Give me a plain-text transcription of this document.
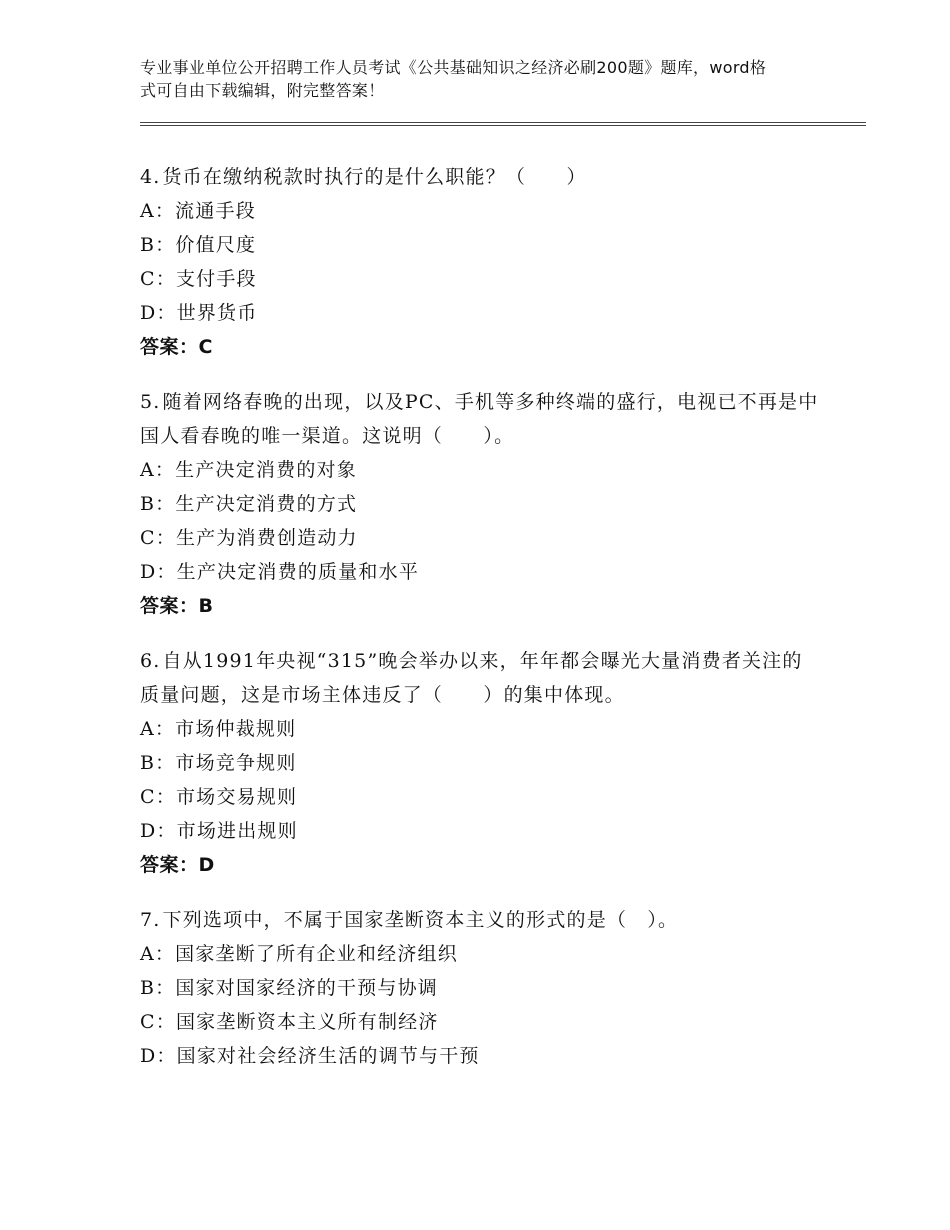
专业事业单位公开招聘工作人员考试《公共基础知识之经济必刷200题》题库，word格式可自由下载编辑，附完整答案！
4. 货币在缴纳税款时执行的是什么职能？（　　）
A：流通手段
B：价值尺度
C：支付手段
D：世界货币
答案：C
5. 随着网络春晚的出现，以及PC、手机等多种终端的盛行，电视已不再是中国人看春晚的唯一渠道。这说明（　　）。
A：生产决定消费的对象
B：生产决定消费的方式
C：生产为消费创造动力
D：生产决定消费的质量和水平
答案：B
6. 自从1991年央视“315”晚会举办以来，年年都会曝光大量消费者关注的质量问题，这是市场主体违反了（　　）的集中体现。
A：市场仲裁规则
B：市场竞争规则
C：市场交易规则
D：市场进出规则
答案：D
7. 下列选项中，不属于国家垄断资本主义的形式的是（　）。
A：国家垄断了所有企业和经济组织
B：国家对国家经济的干预与协调
C：国家垄断资本主义所有制经济
D：国家对社会经济生活的调节与干预
